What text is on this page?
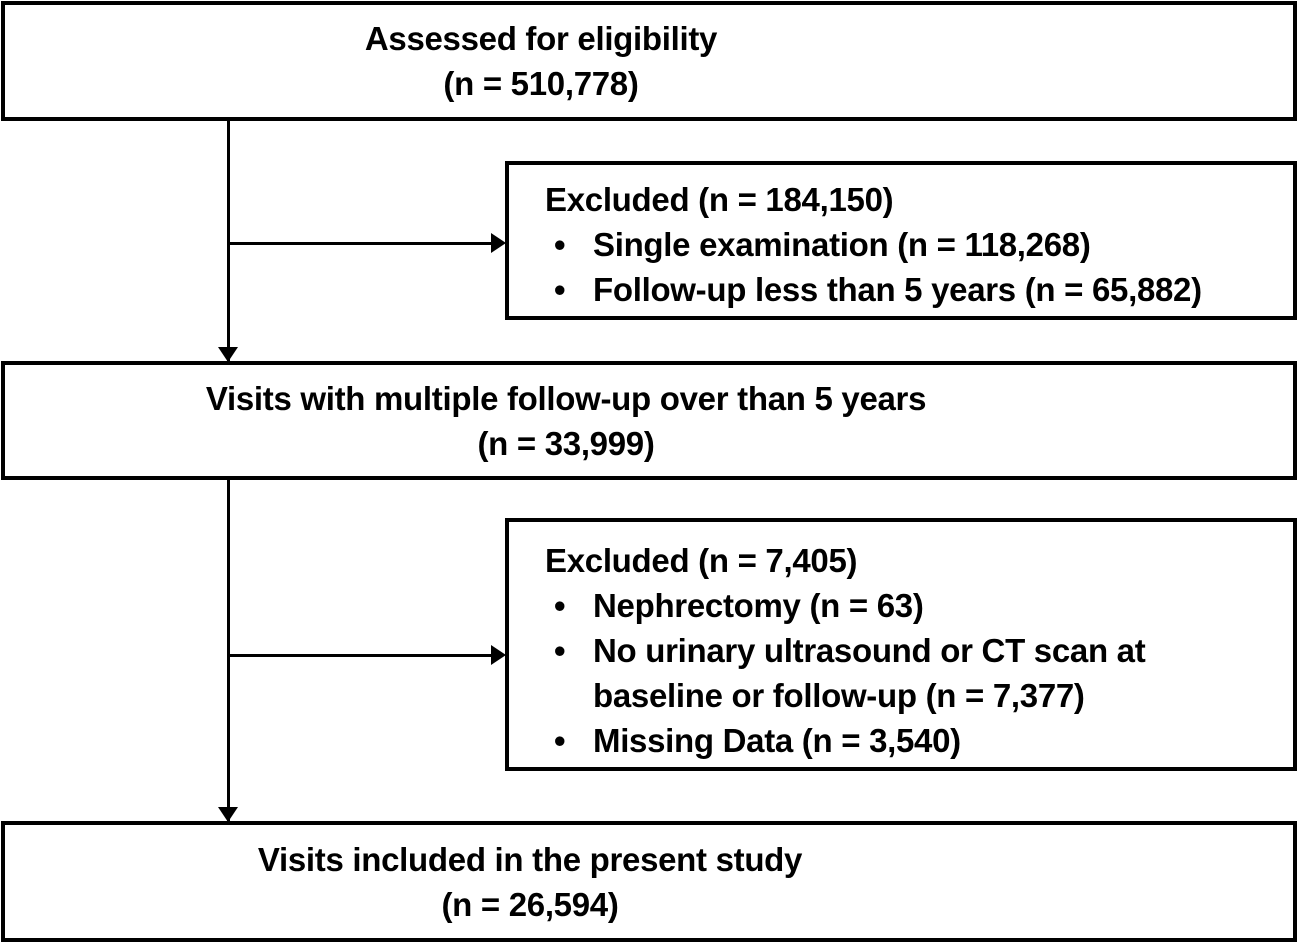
Assessed for eligibility
(n = 510,778)
Excluded (n = 184,150)
• Single examination (n = 118,268)
• Follow-up less than 5 years (n = 65,882)
Visits with multiple follow-up over than 5 years
(n = 33,999)
Excluded (n = 7,405)
• Nephrectomy (n = 63)
• No urinary ultrasound or CT scan at baseline or follow-up (n = 7,377)
• Missing Data (n = 3,540)
Visits included in the present study
(n = 26,594)
